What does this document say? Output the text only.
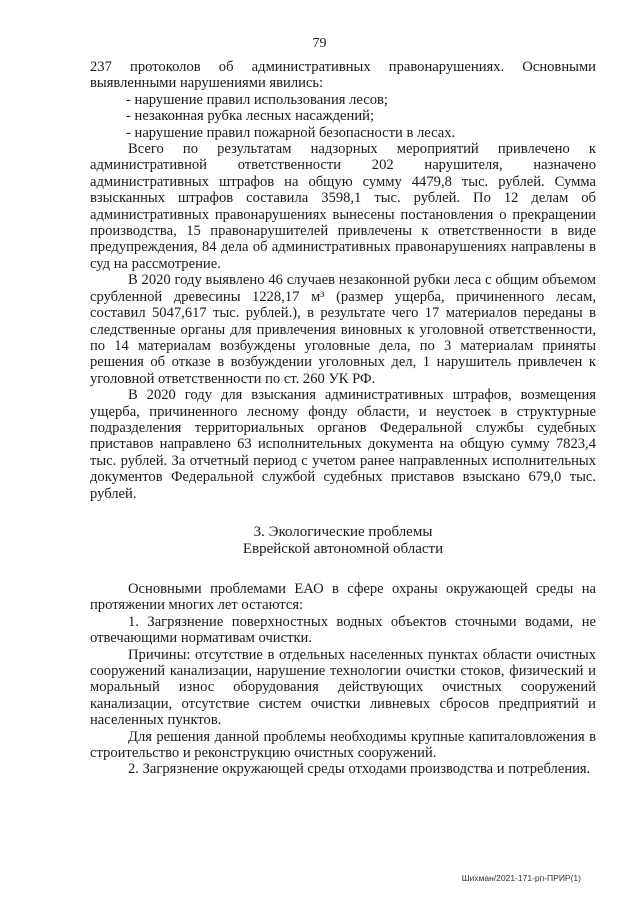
79

237 протоколов об административных правонарушениях. Основными выявленными нарушениями явились:

- нарушение правил использования лесов;

- незаконная рубка лесных насаждений;

- нарушение правил пожарной безопасности в лесах.

Всего по результатам надзорных мероприятий привлечено к административной ответственности 202 нарушителя, назначено административных штрафов на общую сумму 4479,8 тыс. рублей. Сумма взысканных штрафов составила 3598,1 тыс. рублей. По 12 делам об административных правонарушениях вынесены постановления о прекращении производства, 15 правонарушителей привлечены к ответственности в виде предупреждения, 84 дела об административных правонарушениях направлены в суд на рассмотрение.

В 2020 году выявлено 46 случаев незаконной рубки леса с общим объемом срубленной древесины 1228,17 м³ (размер ущерба, причиненного лесам, составил 5047,617 тыс. рублей.), в результате чего 17 материалов переданы в следственные органы для привлечения виновных к уголовной ответственности, по 14 материалам возбуждены уголовные дела, по 3 материалам приняты решения об отказе в возбуждении уголовных дел, 1 нарушитель привлечен к уголовной ответственности по ст. 260 УК РФ.

В 2020 году для взыскания административных штрафов, возмещения ущерба, причиненного лесному фонду области, и неустоек в структурные подразделения территориальных органов Федеральной службы судебных приставов направлено 63 исполнительных документа на общую сумму 7823,4 тыс. рублей. За отчетный период с учетом ранее направленных исполнительных документов Федеральной службой судебных приставов взыскано 679,0 тыс. рублей.

3. Экологические проблемы
Еврейской автономной области

Основными проблемами ЕАО в сфере охраны окружающей среды на протяжении многих лет остаются:

1. Загрязнение поверхностных водных объектов сточными водами, не отвечающими нормативам очистки.

Причины: отсутствие в отдельных населенных пунктах области очистных сооружений канализации, нарушение технологии очистки стоков, физический и моральный износ оборудования действующих очистных сооружений канализации, отсутствие систем очистки ливневых сбросов предприятий и населенных пунктов.

Для решения данной проблемы необходимы крупные капиталовложения в строительство и реконструкцию очистных сооружений.

2. Загрязнение окружающей среды отходами производства и потребления.

Шихман/2021-171-рп-ПРИР(1)
